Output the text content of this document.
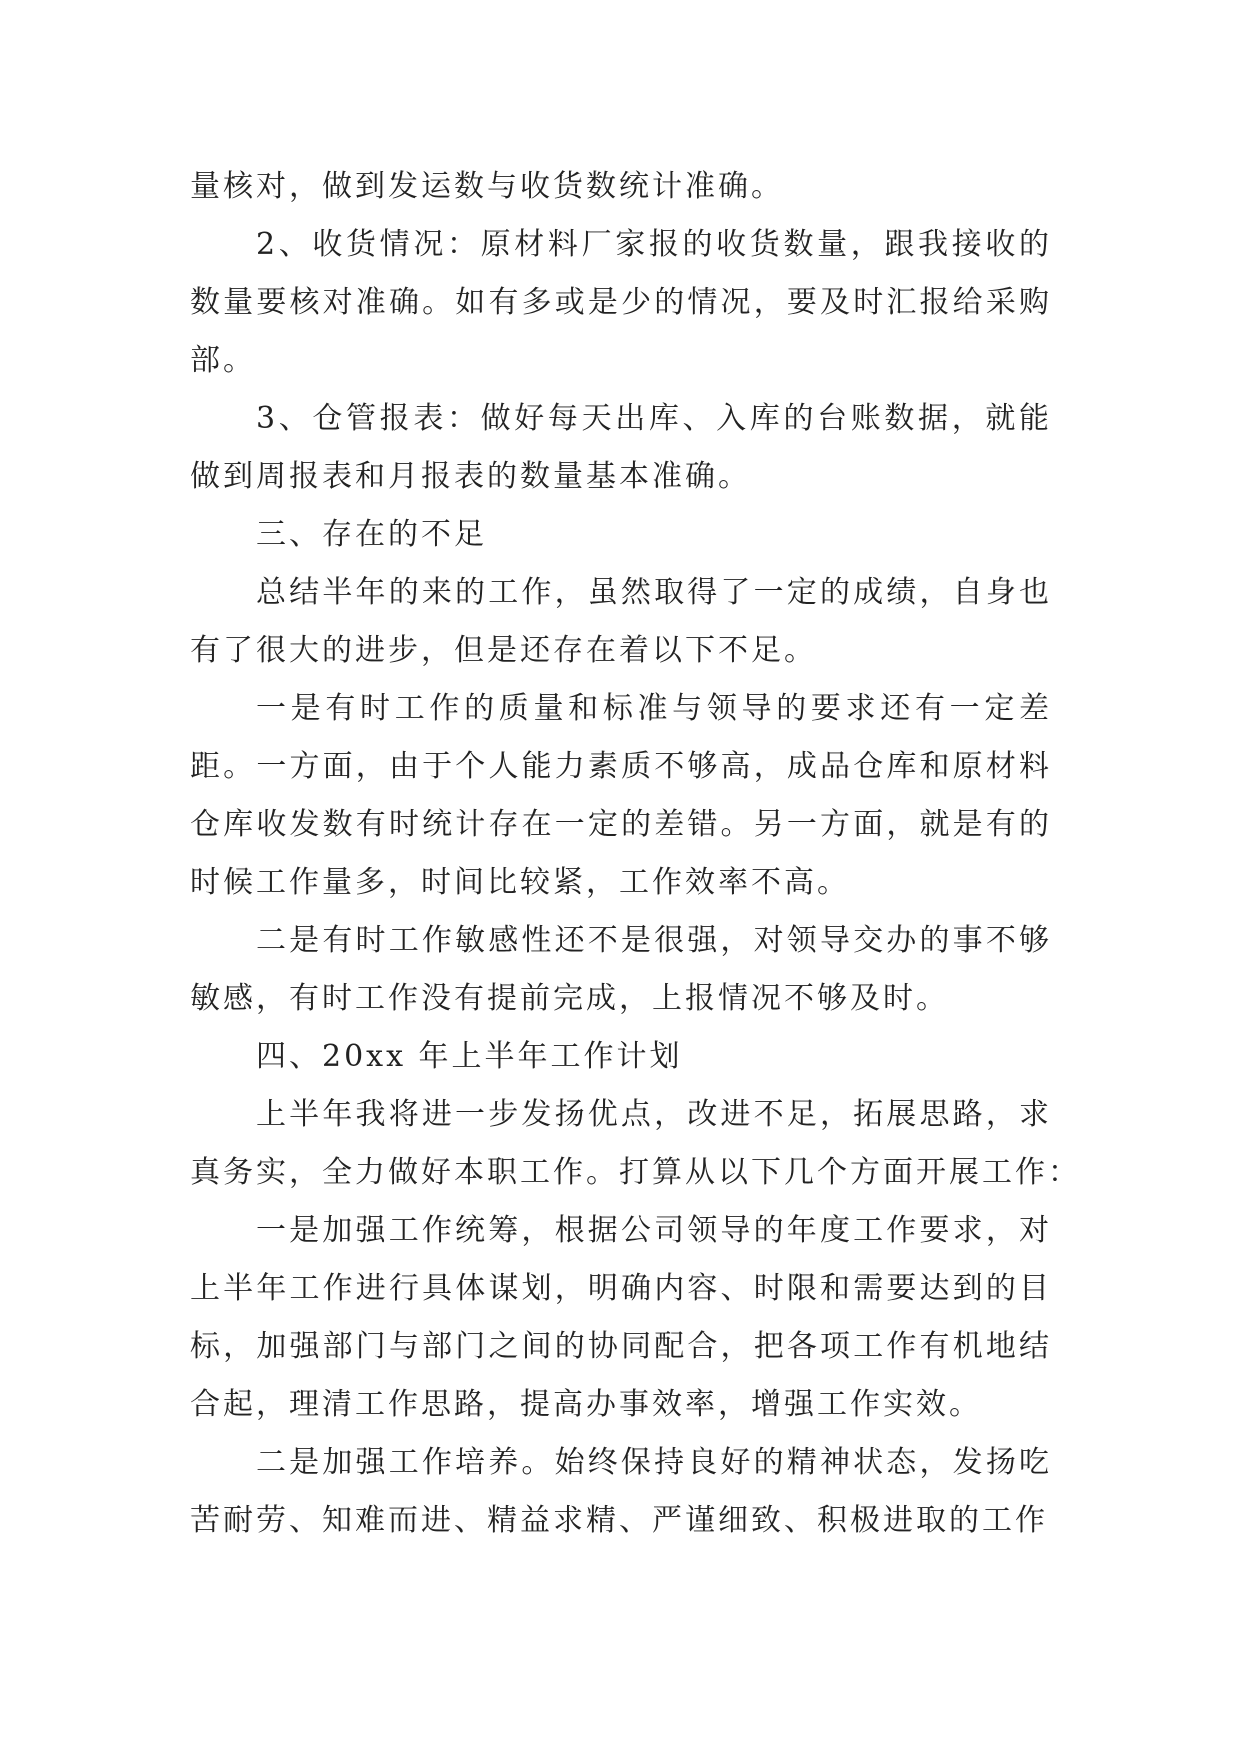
量核对，做到发运数与收货数统计准确。
2、收货情况：原材料厂家报的收货数量，跟我接收的
数量要核对准确。如有多或是少的情况，要及时汇报给采购
部。
3、仓管报表：做好每天出库、入库的台账数据，就能
做到周报表和月报表的数量基本准确。
三、存在的不足
总结半年的来的工作，虽然取得了一定的成绩，自身也
有了很大的进步，但是还存在着以下不足。
一是有时工作的质量和标准与领导的要求还有一定差
距。一方面，由于个人能力素质不够高，成品仓库和原材料
仓库收发数有时统计存在一定的差错。另一方面，就是有的
时候工作量多，时间比较紧，工作效率不高。
二是有时工作敏感性还不是很强，对领导交办的事不够
敏感，有时工作没有提前完成，上报情况不够及时。
四、20xx 年上半年工作计划
上半年我将进一步发扬优点，改进不足，拓展思路，求
真务实，全力做好本职工作。打算从以下几个方面开展工作：
一是加强工作统筹，根据公司领导的年度工作要求，对
上半年工作进行具体谋划，明确内容、时限和需要达到的目
标，加强部门与部门之间的协同配合，把各项工作有机地结
合起，理清工作思路，提高办事效率，增强工作实效。
二是加强工作培养。始终保持良好的精神状态，发扬吃
苦耐劳、知难而进、精益求精、严谨细致、积极进取的工作
